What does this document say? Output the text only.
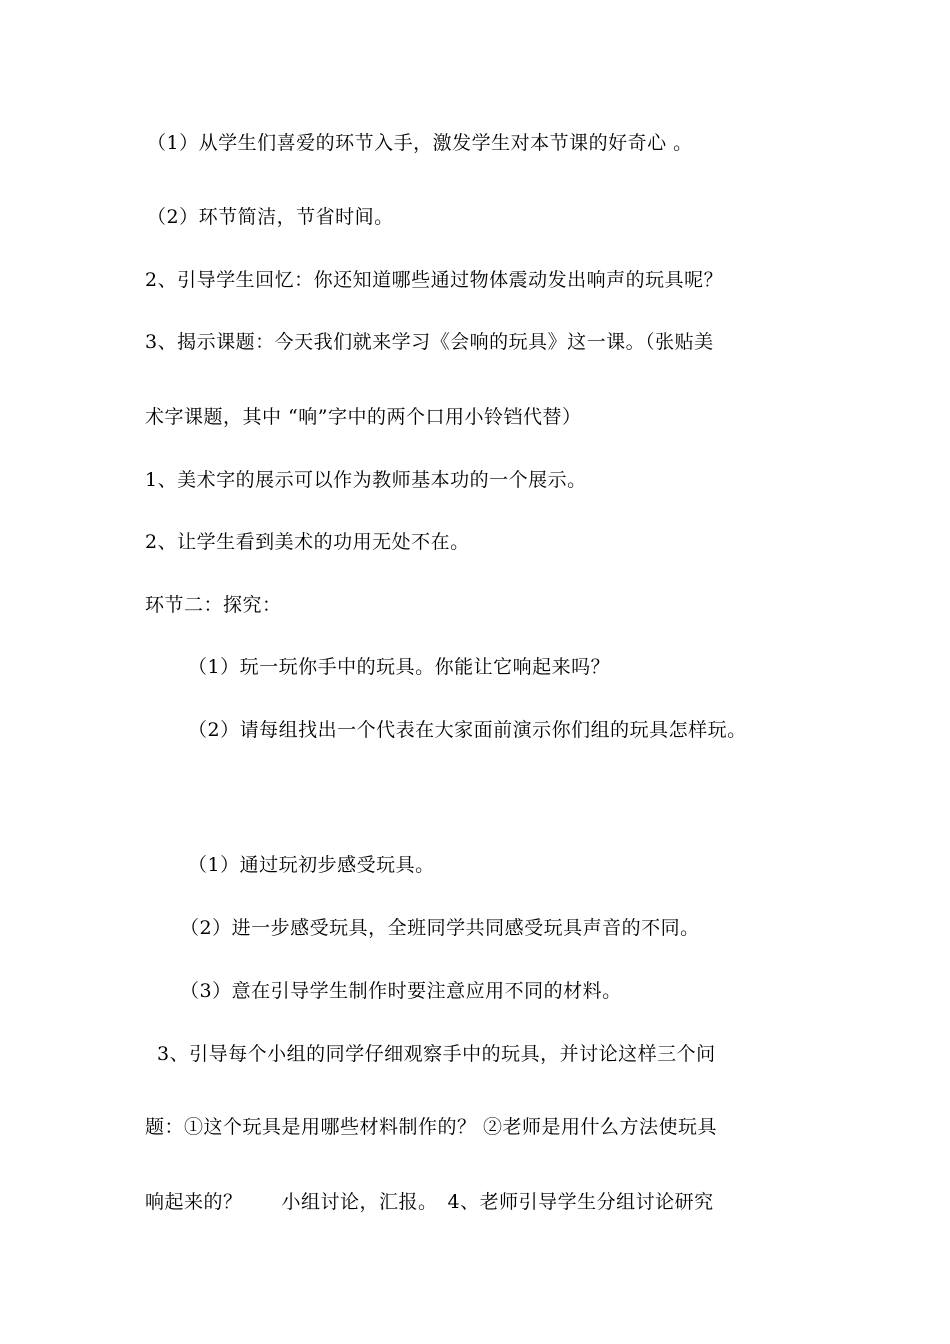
（1）从学生们喜爱的环节入手，激发学生对本节课的好奇心 。
（2）环节简洁，节省时间。
2、引导学生回忆：你还知道哪些通过物体震动发出响声的玩具呢？
3、揭示课题：今天我们就来学习《会响的玩具》这一课。（张贴美
术字课题，其中 “响”字中的两个口用小铃铛代替）
1、美术字的展示可以作为教师基本功的一个展示。
2、让学生看到美术的功用无处不在。
环节二：探究：
（1）玩一玩你手中的玩具。你能让它响起来吗？
（2）请每组找出一个代表在大家面前演示你们组的玩具怎样玩。
（1）通过玩初步感受玩具。
（2）进一步感受玩具，全班同学共同感受玩具声音的不同。
（3）意在引导学生制作时要注意应用不同的材料。
3、引导每个小组的同学仔细观察手中的玩具，并讨论这样三个问
题：①这个玩具是用哪些材料制作的？ ②老师是用什么方法使玩具
响起来的？　　小组讨论，汇报。　4、老师引导学生分组讨论研究
